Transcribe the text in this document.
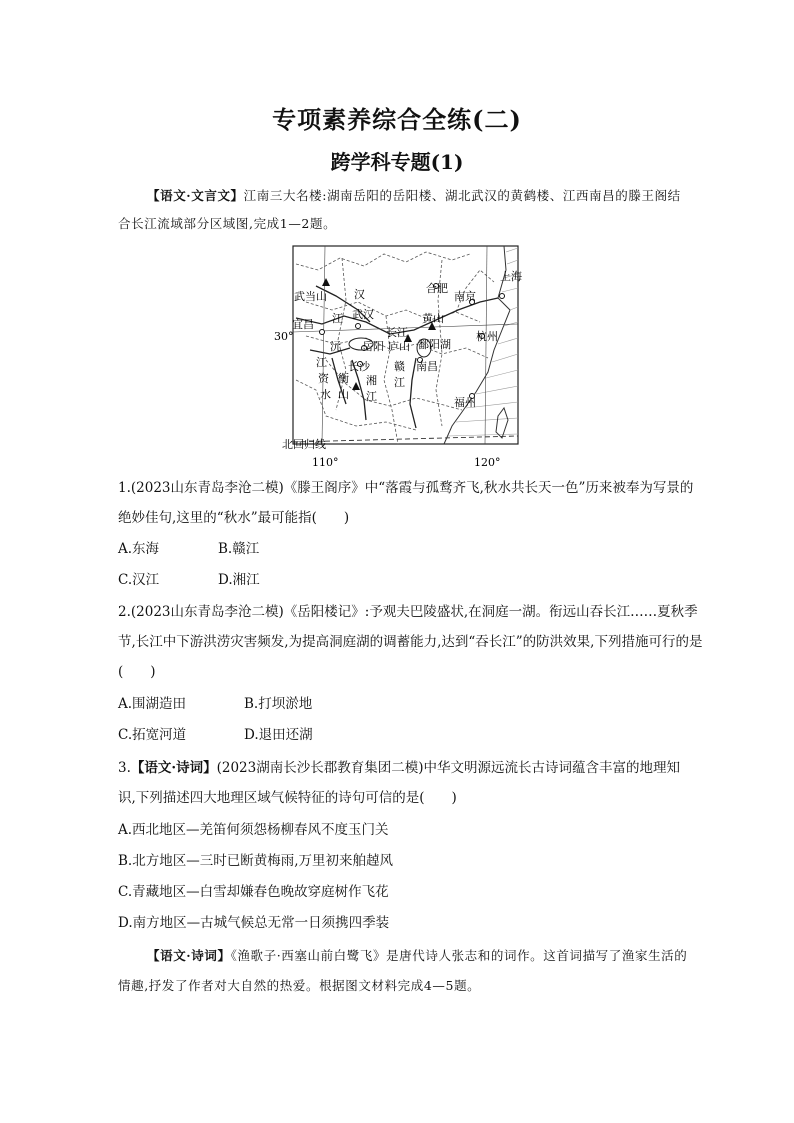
专项素养综合全练(二)
跨学科专题(1)
【语文·文言文】江南三大名楼:湖南岳阳的岳阳楼、湖北武汉的黄鹤楼、江西南昌的滕王阁结
合长江流域部分区域图,完成1—2题。
武当山 汉
江 武汉
宜昌
合肥
南京
上海
黄山
杭州
长江
沅
江
岳阳 庐山 鄱阳湖
南昌
长沙
资
水
衡
山
湘
江
赣
江
福州
北回归线
30°
110°	120°
1.(2023山东青岛李沧二模)《滕王阁序》中“落霞与孤鹜齐飞,秋水共长天一色”历来被奉为写景的
绝妙佳句,这里的“秋水”最可能指(　　)
A.东海	B.赣江
C.汉江	D.湘江
2.(2023山东青岛李沧二模)《岳阳楼记》:予观夫巴陵盛状,在洞庭一湖。衔远山吞长江……夏秋季
节,长江中下游洪涝灾害频发,为提高洞庭湖的调蓄能力,达到“吞长江”的防洪效果,下列措施可行的是
(　　)
A.围湖造田	B.打坝淤地
C.拓宽河道	D.退田还湖
3.【语文·诗词】(2023湖南长沙长郡教育集团二模)中华文明源远流长古诗词蕴含丰富的地理知
识,下列描述四大地理区域气候特征的诗句可信的是(　　)
A.西北地区—羌笛何须怨杨柳春风不度玉门关
B.北方地区—三时已断黄梅雨,万里初来舶趠风
C.青藏地区—白雪却嫌春色晚故穿庭树作飞花
D.南方地区—古城气候总无常一日须携四季装
【语文·诗词】《渔歌子·西塞山前白鹭飞》是唐代诗人张志和的词作。这首词描写了渔家生活的
情趣,抒发了作者对大自然的热爱。根据图文材料完成4—5题。
